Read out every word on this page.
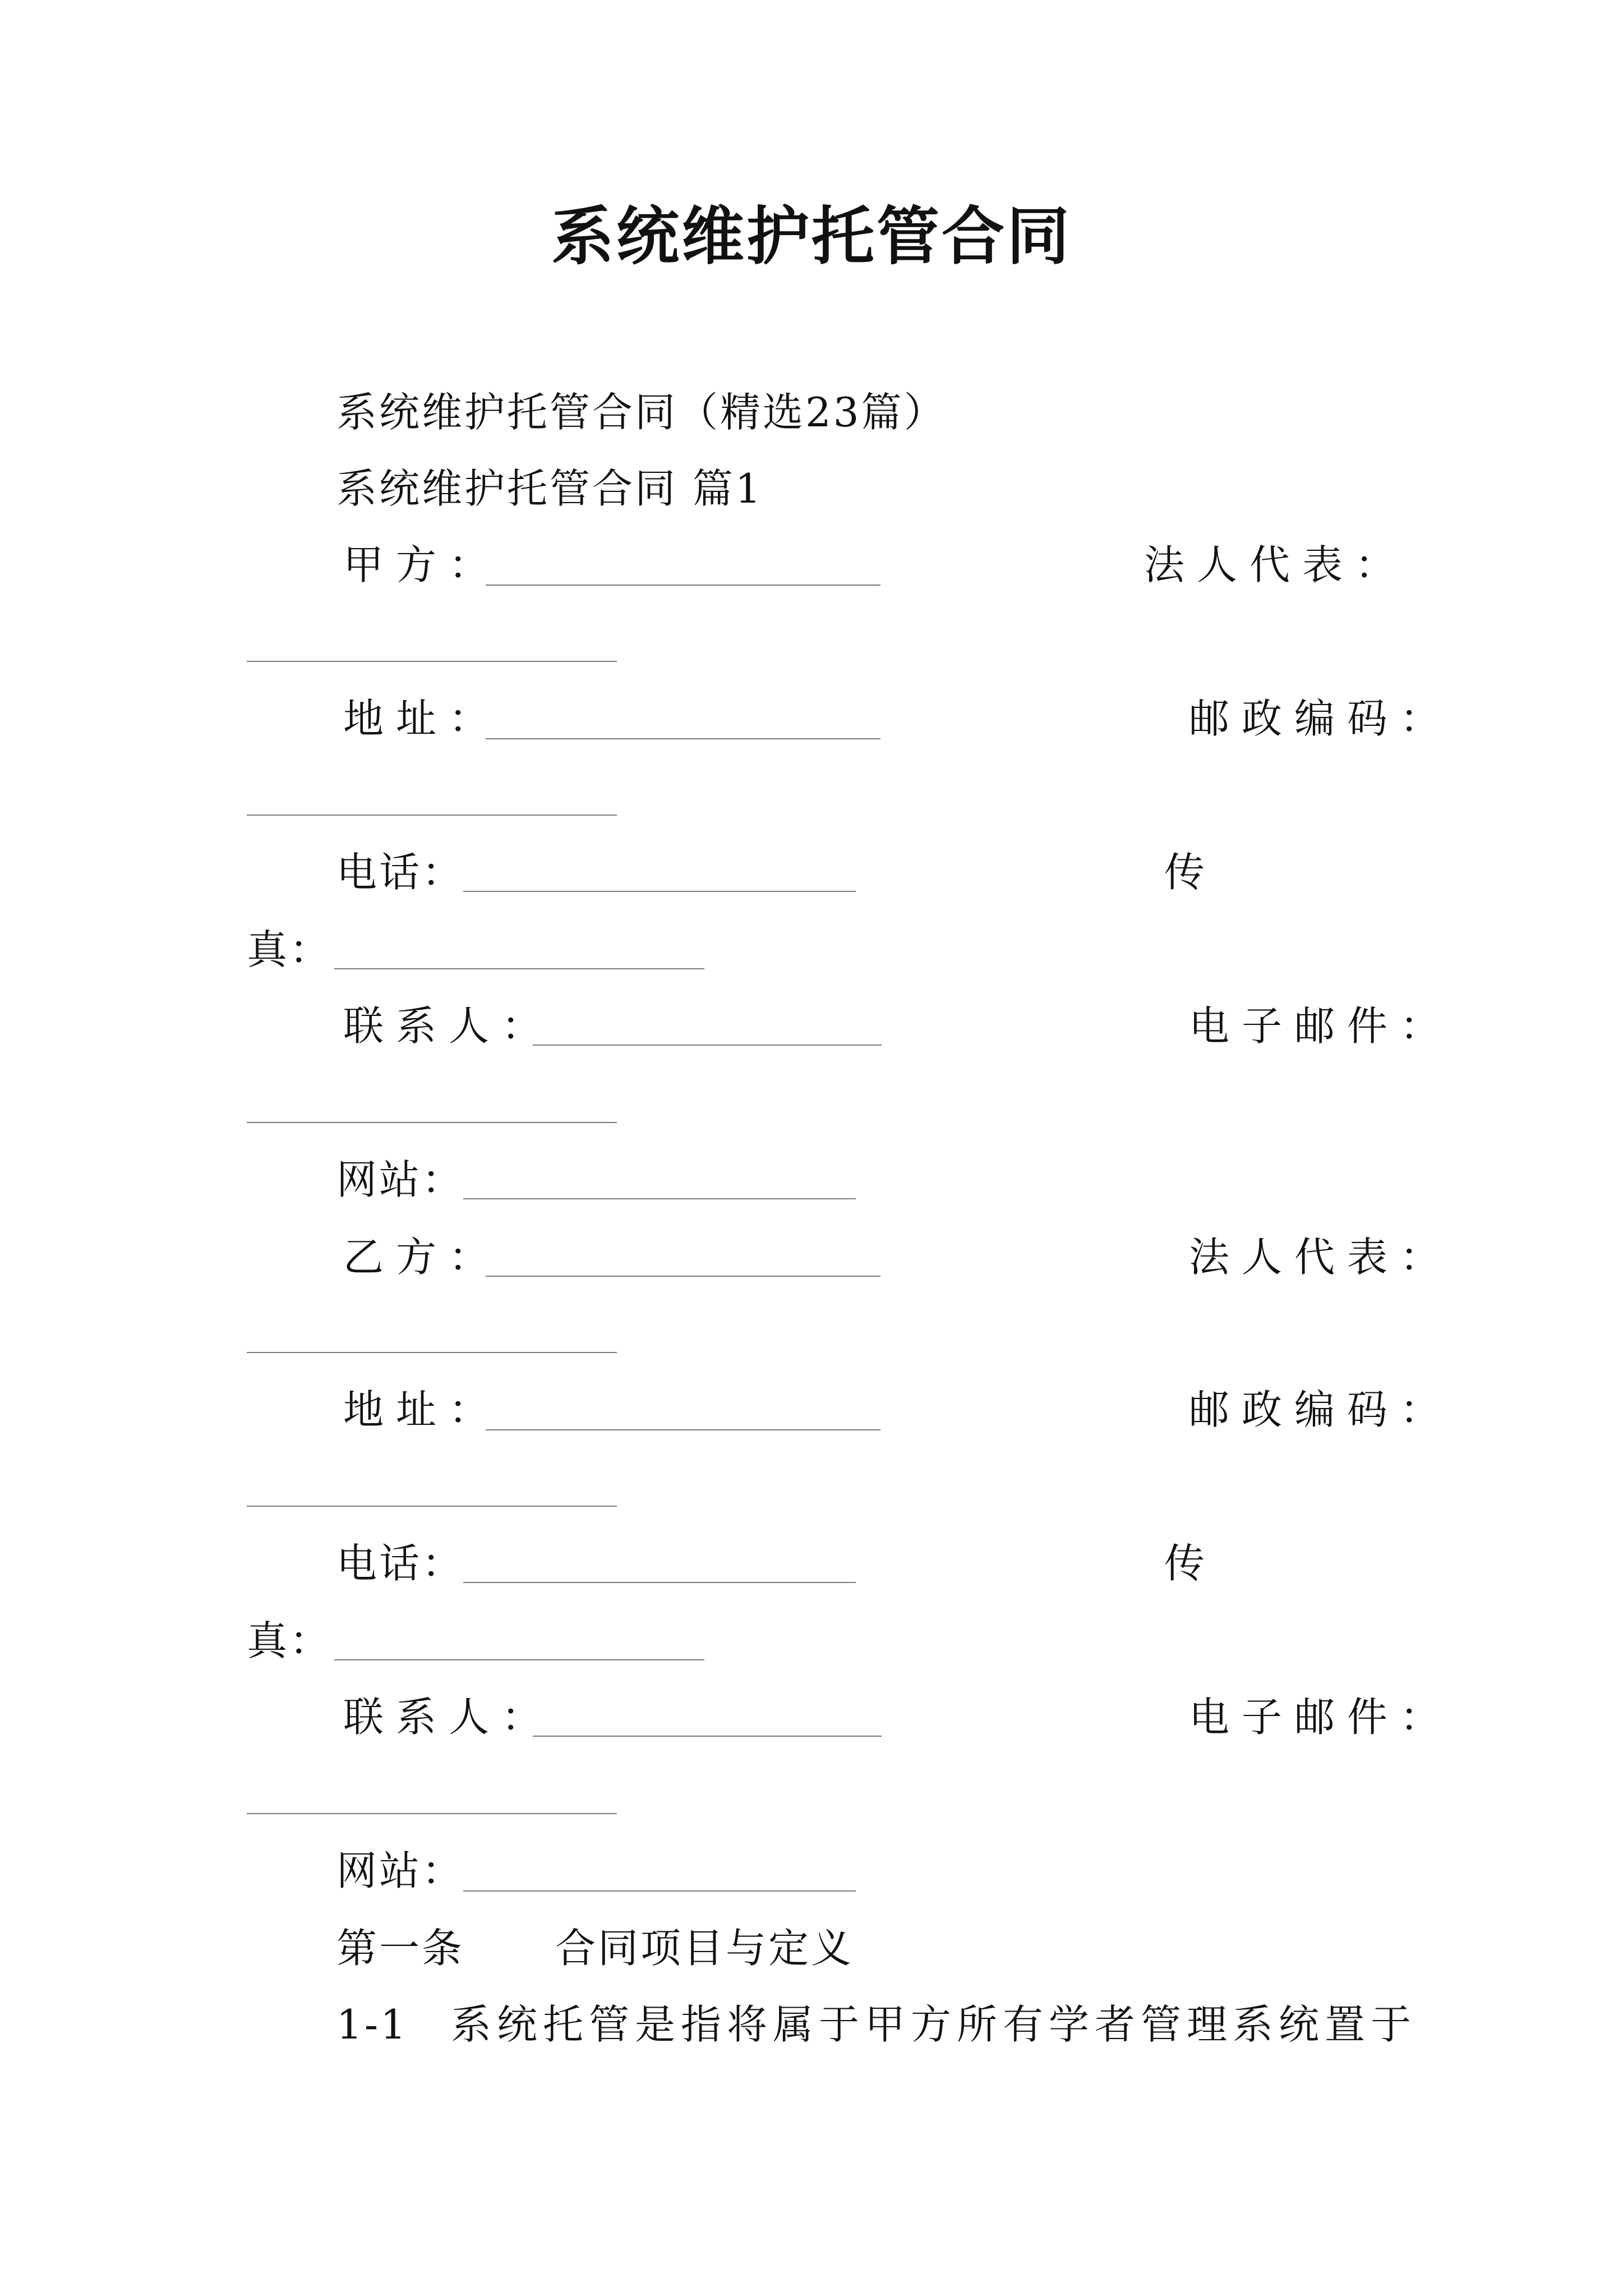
系统维护托管合同
系统维护托管合同（精选23篇）
系统维护托管合同 篇1
甲方：	法人代表：
地址：	邮政编码：
电话：	传
真：
联系人：	电子邮件：
网站：
乙方：	法人代表：
地址：	邮政编码：
电话：	传
真：
联系人：	电子邮件：
网站：
第一条 合同项目与定义
1-1 系统托管是指将属于甲方所有学者管理系统置于
